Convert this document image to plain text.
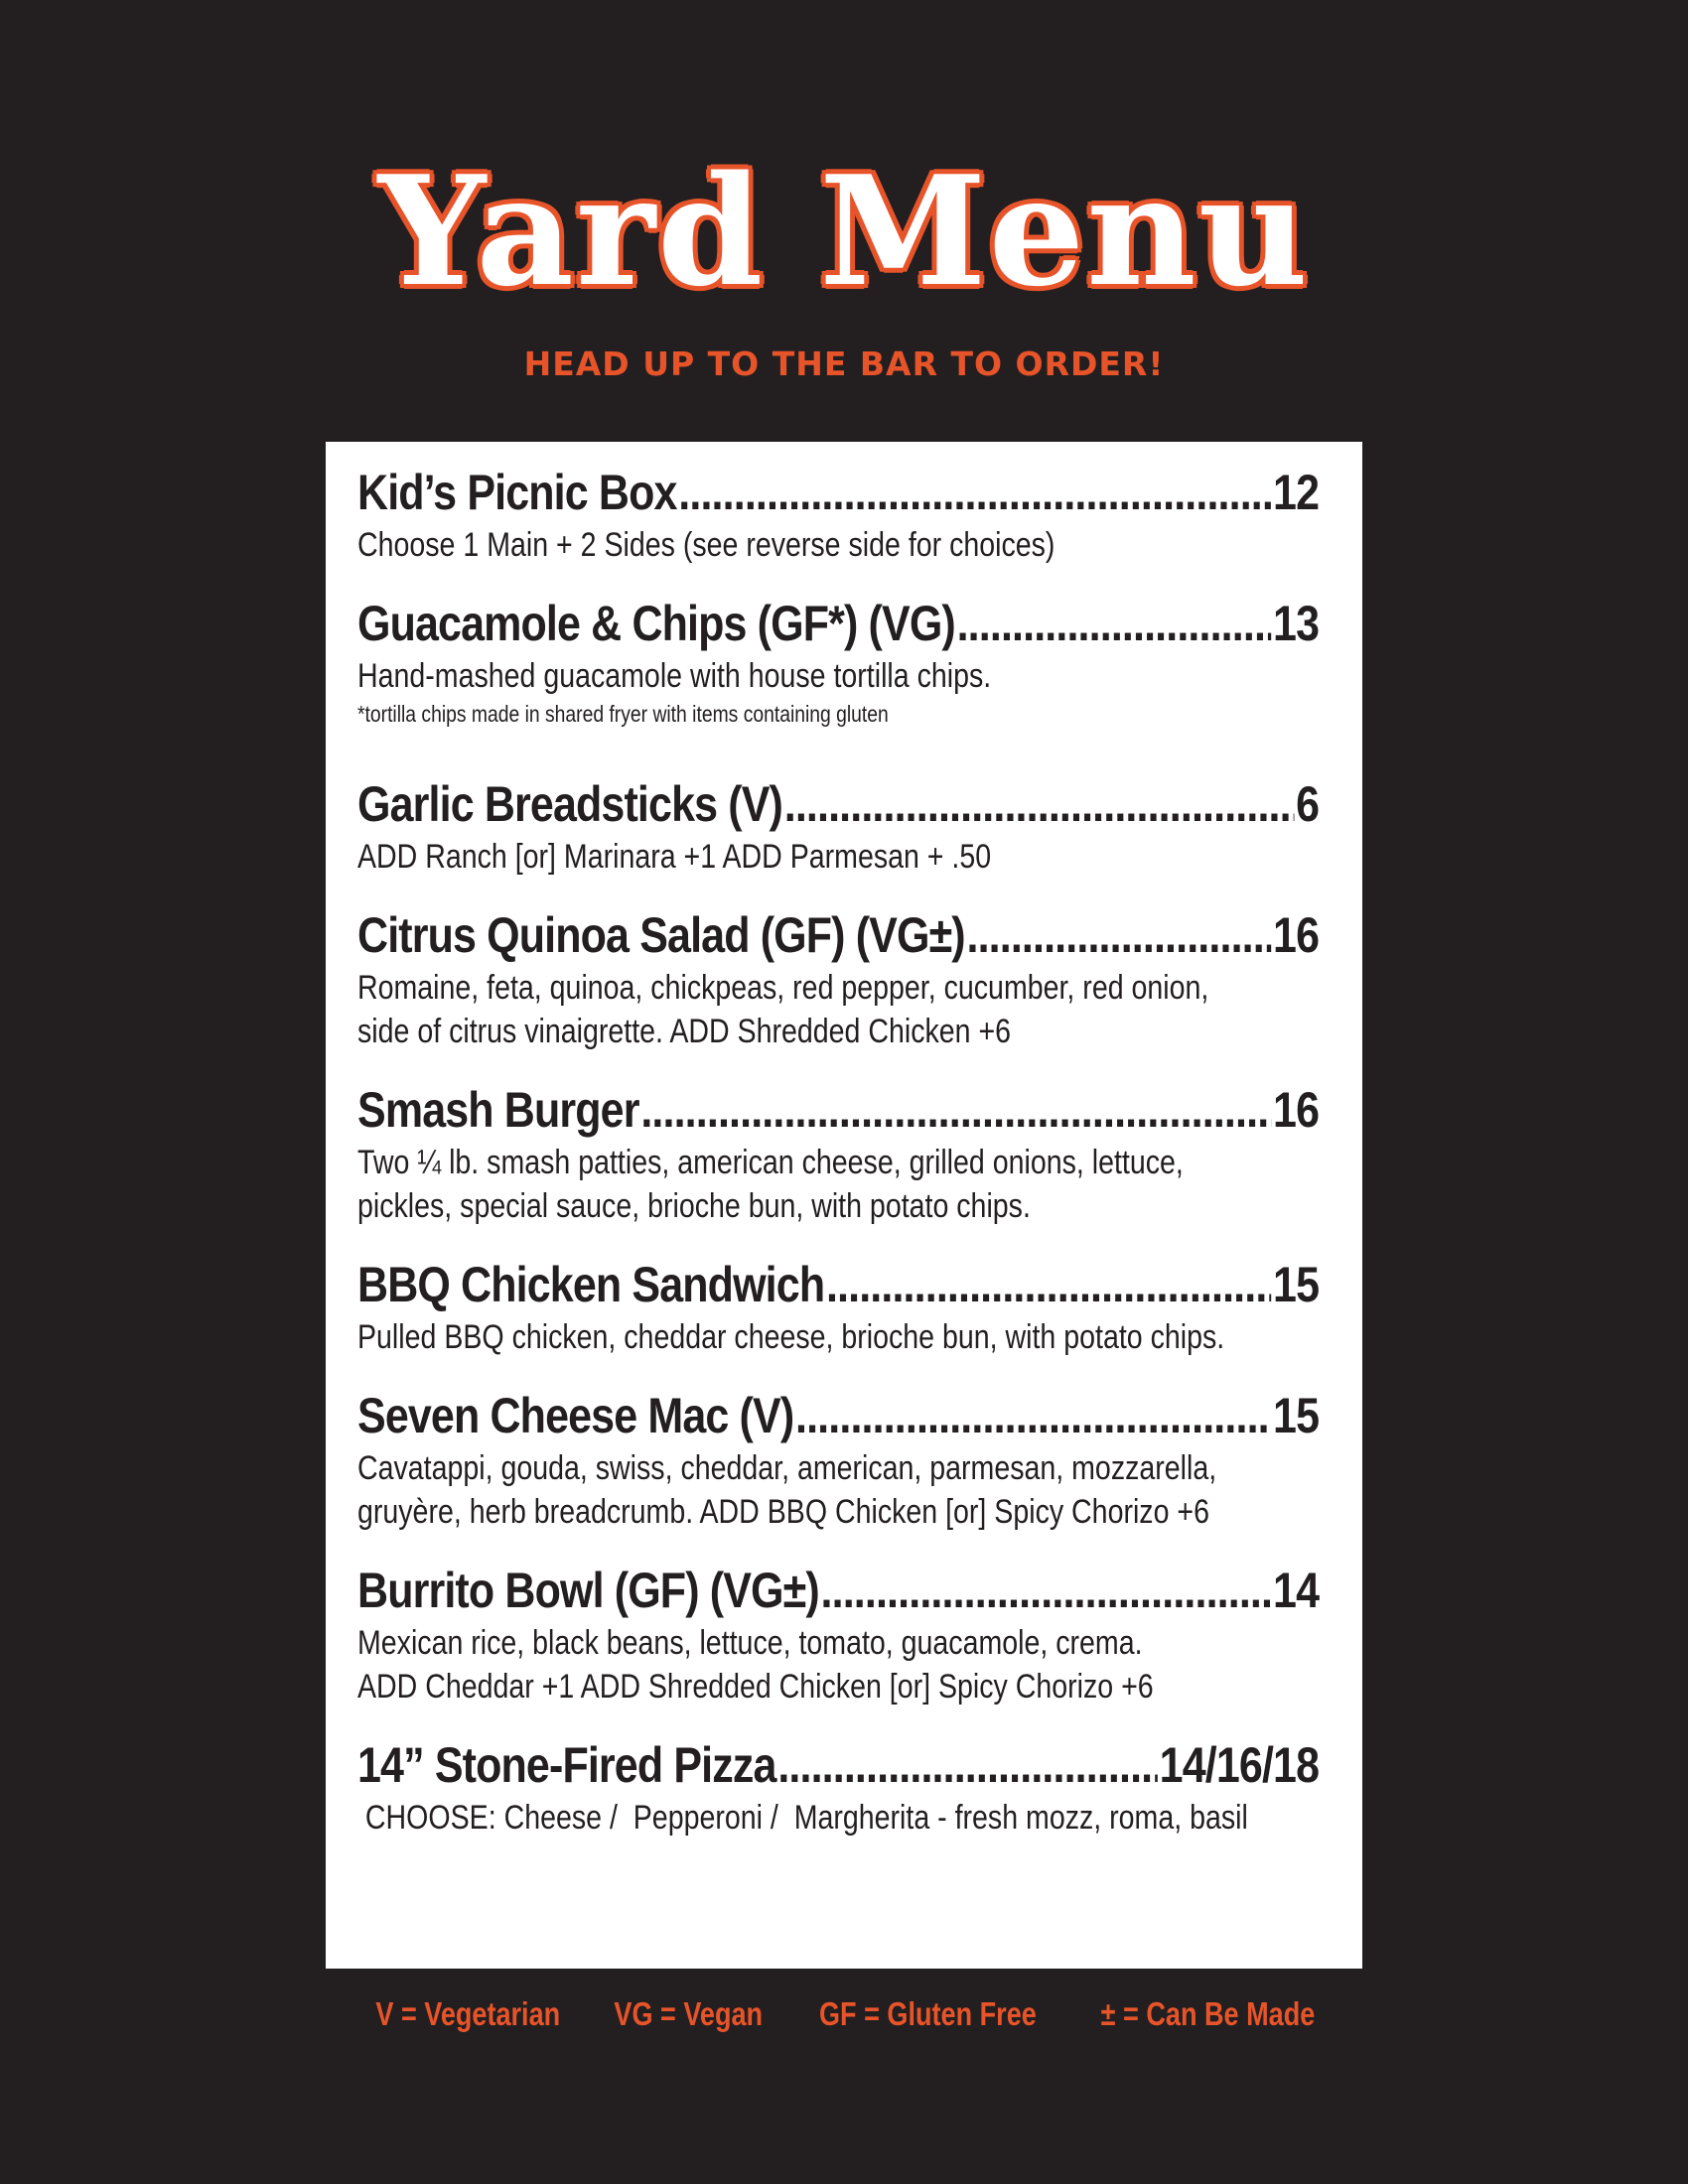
Yard Menu
HEAD UP TO THE BAR TO ORDER!
Kid’s Picnic Box .....	12
Choose 1 Main + 2 Sides (see reverse side for choices)
Guacamole & Chips (GF*) (VG) .....	13
Hand-mashed guacamole with house tortilla chips.
*tortilla chips made in shared fryer with items containing gluten
Garlic Breadsticks (V) .....	6
ADD Ranch [or] Marinara +1 ADD Parmesan + .50
Citrus Quinoa Salad (GF) (VG±) .....	16
Romaine, feta, quinoa, chickpeas, red pepper, cucumber, red onion,
side of citrus vinaigrette. ADD Shredded Chicken +6
Smash Burger .....	16
Two ¼ lb. smash patties, american cheese, grilled onions, lettuce,
pickles, special sauce, brioche bun, with potato chips.
BBQ Chicken Sandwich .....	15
Pulled BBQ chicken, cheddar cheese, brioche bun, with potato chips.
Seven Cheese Mac (V) .....	15
Cavatappi, gouda, swiss, cheddar, american, parmesan, mozzarella,
gruyère, herb breadcrumb. ADD BBQ Chicken [or] Spicy Chorizo +6
Burrito Bowl (GF) (VG±) .....	14
Mexican rice, black beans, lettuce, tomato, guacamole, crema.
ADD Cheddar +1 ADD Shredded Chicken [or] Spicy Chorizo +6
14” Stone-Fired Pizza .....	14/16/18
CHOOSE: Cheese /  Pepperoni /  Margherita - fresh mozz, roma, basil
V = Vegetarian VG = Vegan GF = Gluten Free ± = Can Be Made
